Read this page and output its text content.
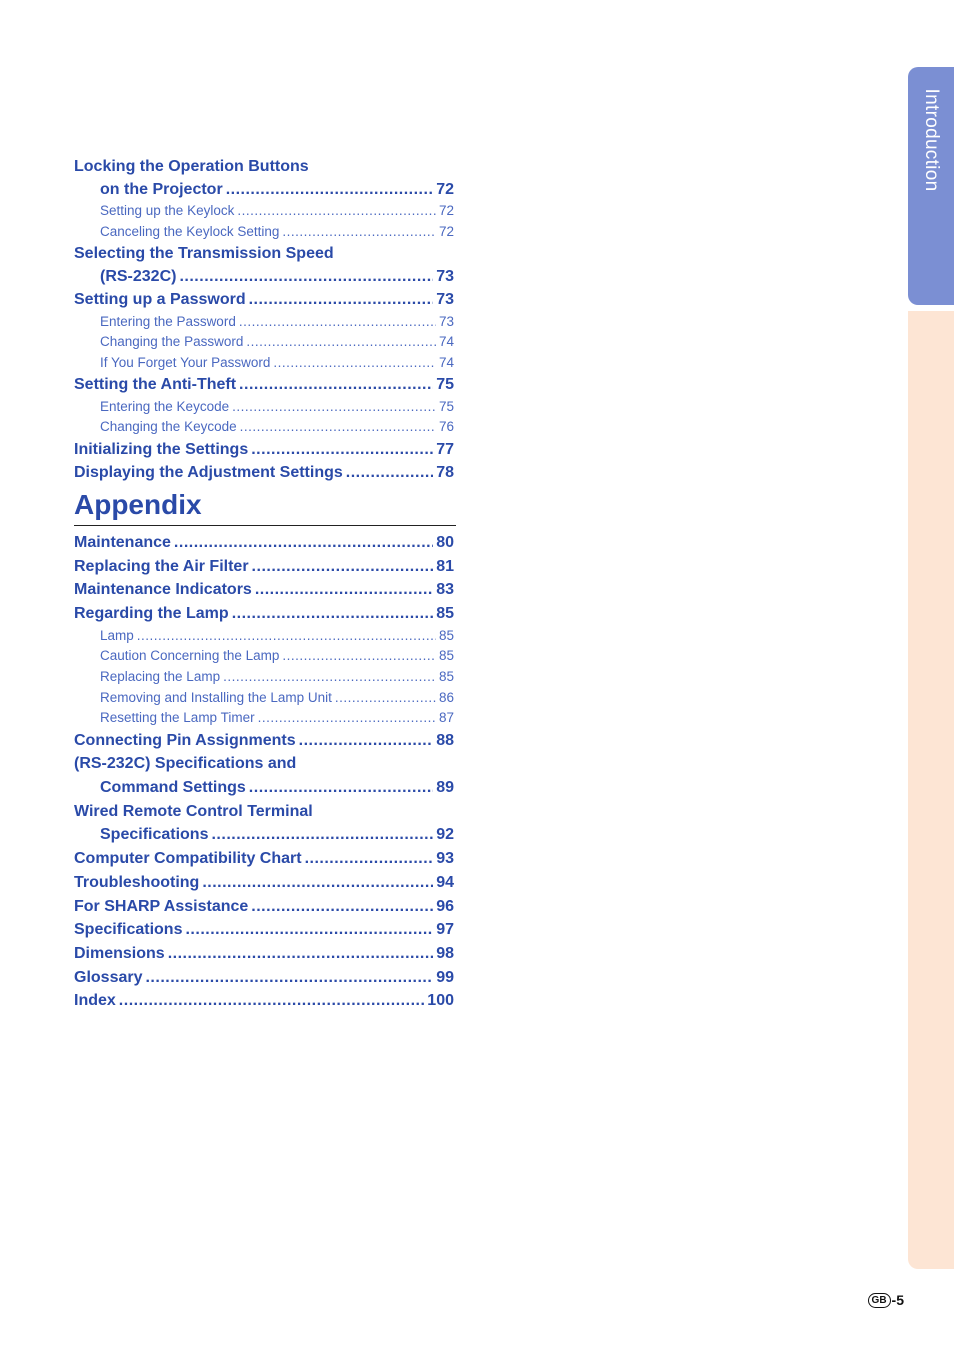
Locking the Operation Buttons
on the Projector .....	72
Setting up the Keylock .....	72
Canceling the Keylock Setting .....	72
Selecting the Transmission Speed
(RS-232C) .....	73
Setting up a Password .....	73
Entering the Password .....	73
Changing the Password .....	74
If You Forget Your Password .....	74
Setting the Anti-Theft .....	75
Entering the Keycode .....	75
Changing the Keycode .....	76
Initializing the Settings .....	77
Displaying the Adjustment Settings .....	78
Appendix
Maintenance .....	80
Replacing the Air Filter .....	81
Maintenance Indicators .....	83
Regarding the Lamp .....	85
Lamp .....	85
Caution Concerning the Lamp .....	85
Replacing the Lamp .....	85
Removing and Installing the Lamp Unit .....	86
Resetting the Lamp Timer .....	87
Connecting Pin Assignments .....	88
(RS-232C) Specifications and
Command Settings .....	89
Wired Remote Control Terminal
Specifications .....	92
Computer Compatibility Chart .....	93
Troubleshooting .....	94
For SHARP Assistance .....	96
Specifications .....	97
Dimensions .....	98
Glossary .....	99
Index .....	100
Introduction
GB -5
